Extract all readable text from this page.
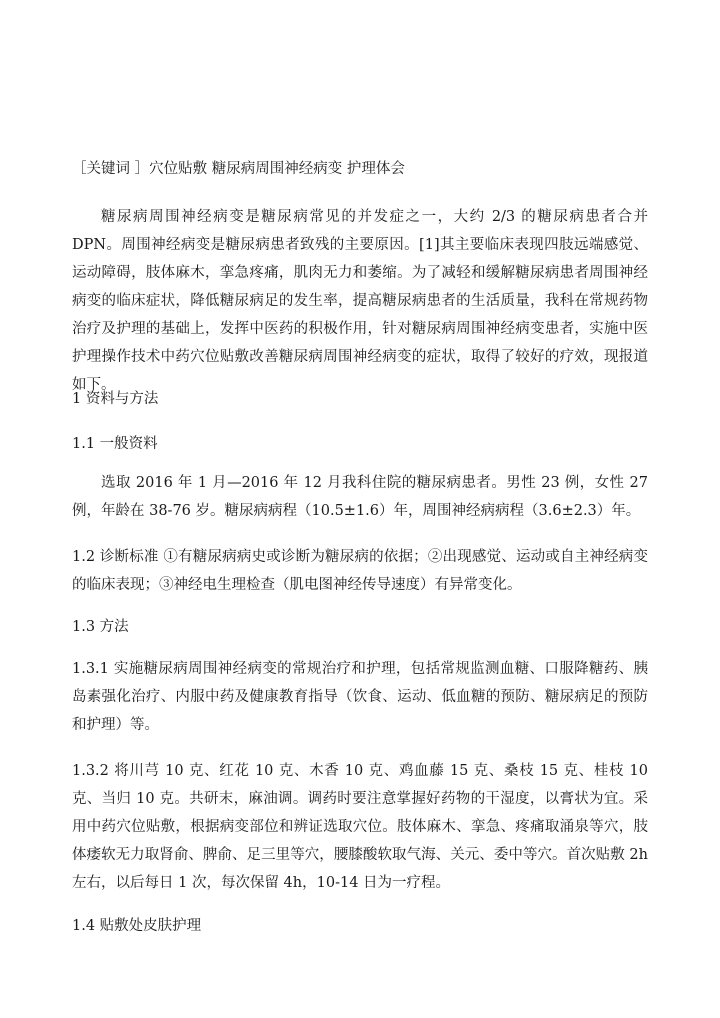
［关键词 ］穴位贴敷 糖尿病周围神经病变 护理体会

糖尿病周围神经病变是糖尿病常见的并发症之一，大约 2/3 的糖尿病患者合并 DPN。周围神经病变是糖尿病患者致残的主要原因。[1]其主要临床表现四肢远端感觉、运动障碍，肢体麻木，挛急疼痛，肌肉无力和萎缩。为了减轻和缓解糖尿病患者周围神经病变的临床症状，降低糖尿病足的发生率，提高糖尿病患者的生活质量，我科在常规药物治疗及护理的基础上，发挥中医药的积极作用，针对糖尿病周围神经病变患者，实施中医护理操作技术中药穴位贴敷改善糖尿病周围神经病变的症状，取得了较好的疗效，现报道如下。

1 资料与方法

1.1 一般资料

选取 2016 年 1 月—2016 年 12 月我科住院的糖尿病患者。男性 23 例，女性 27 例，年龄在 38-76 岁。糖尿病病程（10.5±1.6）年，周围神经病病程（3.6±2.3）年。

1.2 诊断标准 ①有糖尿病病史或诊断为糖尿病的依据；②出现感觉、运动或自主神经病变的临床表现；③神经电生理检查（肌电图神经传导速度）有异常变化。

1.3 方法

1.3.1 实施糖尿病周围神经病变的常规治疗和护理，包括常规监测血糖、口服降糖药、胰岛素强化治疗、内服中药及健康教育指导（饮食、运动、低血糖的预防、糖尿病足的预防和护理）等。

1.3.2 将川芎 10 克、红花 10 克、木香 10 克、鸡血藤 15 克、桑枝 15 克、桂枝 10 克、当归 10 克。共研末，麻油调。调药时要注意掌握好药物的干湿度，以膏状为宜。采用中药穴位贴敷，根据病变部位和辨证选取穴位。肢体麻木、挛急、疼痛取涌泉等穴，肢体痿软无力取肾俞、脾俞、足三里等穴，腰膝酸软取气海、关元、委中等穴。首次贴敷 2h 左右，以后每日 1 次，每次保留 4h，10-14 日为一疗程。

1.4 贴敷处皮肤护理
